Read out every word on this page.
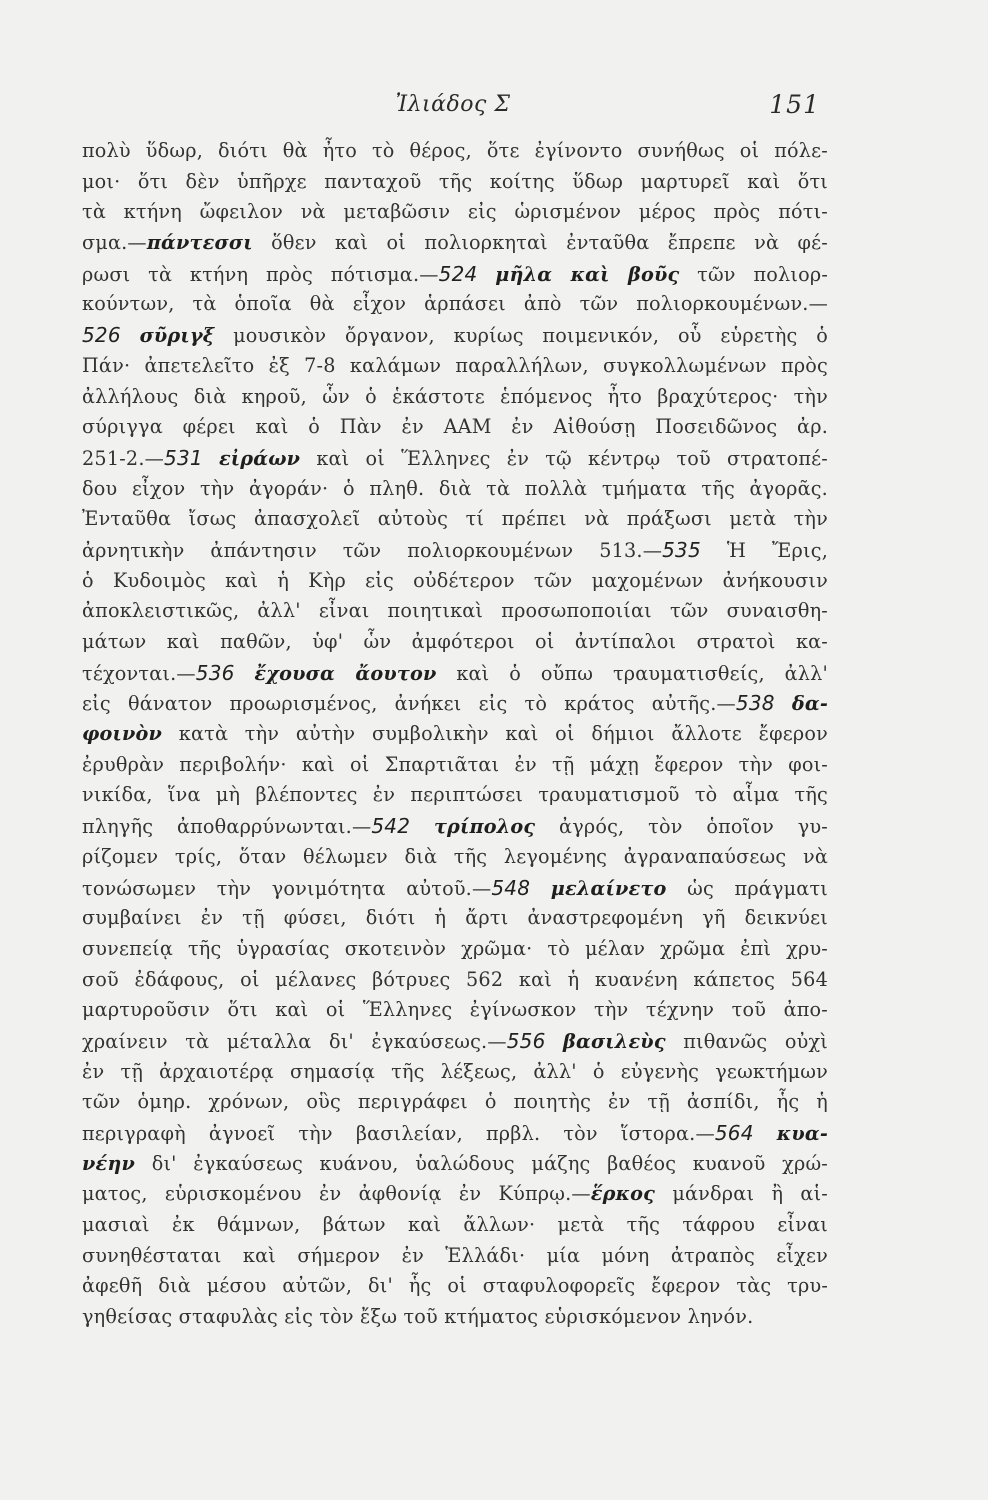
Ἰλιάδος Σ	151
πολὺ ὕδωρ, διότι θὰ ἦτο τὸ θέρος, ὅτε ἐγίνοντο συνήθως οἱ πόλε-
μοι· ὅτι δὲν ὑπῆρχε πανταχοῦ τῆς κοίτης ὕδωρ μαρτυρεῖ καὶ ὅτι
τὰ κτήνη ὤφειλον νὰ μεταβῶσιν εἰς ὡρισμένον μέρος πρὸς πότι-
σμα.—πάντεσσι ὅθεν καὶ οἱ πολιορκηταὶ ἐνταῦθα ἔπρεπε νὰ φέ-
ρωσι τὰ κτήνη πρὸς πότισμα.—524 μῆλα καὶ βοῦς τῶν πολιορ-
κούντων, τὰ ὁποῖα θὰ εἶχον ἁρπάσει ἀπὸ τῶν πολιορκουμένων.—
526 σῦριγξ μουσικὸν ὄργανον, κυρίως ποιμενικόν, οὗ εὑρετὴς ὁ
Πάν· ἀπετελεῖτο ἐξ 7-8 καλάμων παραλλήλων, συγκολλωμένων πρὸς
ἀλλήλους διὰ κηροῦ, ὧν ὁ ἑκάστοτε ἑπόμενος ἦτο βραχύτερος· τὴν
σύριγγα φέρει καὶ ὁ Πὰν ἐν ΑΑΜ ἐν Αἰθούσῃ Ποσειδῶνος ἀρ.
251-2.—531 εἰράων καὶ οἱ Ἕλληνες ἐν τῷ κέντρῳ τοῦ στρατοπέ-
δου εἶχον τὴν ἀγοράν· ὁ πληθ. διὰ τὰ πολλὰ τμήματα τῆς ἀγορᾶς.
Ἐνταῦθα ἴσως ἀπασχολεῖ αὐτοὺς τί πρέπει νὰ πράξωσι μετὰ τὴν
ἀρνητικὴν ἀπάντησιν τῶν πολιορκουμένων 513.—535 Ἡ Ἔρις,
ὁ Κυδοιμὸς καὶ ἡ Κὴρ εἰς οὐδέτερον τῶν μαχομένων ἀνήκουσιν
ἀποκλειστικῶς, ἀλλ' εἶναι ποιητικαὶ προσωποποιίαι τῶν συναισθη-
μάτων καὶ παθῶν, ὑφ' ὧν ἀμφότεροι οἱ ἀντίπαλοι στρατοὶ κα-
τέχονται.—536 ἔχουσα ἄουτον καὶ ὁ οὔπω τραυματισθείς, ἀλλ'
εἰς θάνατον προωρισμένος, ἀνήκει εἰς τὸ κράτος αὐτῆς.—538 δα-
φοινὸν κατὰ τὴν αὐτὴν συμβολικὴν καὶ οἱ δήμιοι ἄλλοτε ἔφερον
ἐρυθρὰν περιβολήν· καὶ οἱ Σπαρτιᾶται ἐν τῇ μάχῃ ἔφερον τὴν φοι-
νικίδα, ἵνα μὴ βλέποντες ἐν περιπτώσει τραυματισμοῦ τὸ αἷμα τῆς
πληγῆς ἀποθαρρύνωνται.—542 τρίπολος ἀγρός, τὸν ὁποῖον γυ-
ρίζομεν τρίς, ὅταν θέλωμεν διὰ τῆς λεγομένης ἀγραναπαύσεως νὰ
τονώσωμεν τὴν γονιμότητα αὐτοῦ.—548 μελαίνετο ὡς πράγματι
συμβαίνει ἐν τῇ φύσει, διότι ἡ ἄρτι ἀναστρεφομένη γῆ δεικνύει
συνεπείᾳ τῆς ὑγρασίας σκοτεινὸν χρῶμα· τὸ μέλαν χρῶμα ἐπὶ χρυ-
σοῦ ἐδάφους, οἱ μέλανες βότρυες 562 καὶ ἡ κυανένη κάπετος 564
μαρτυροῦσιν ὅτι καὶ οἱ Ἕλληνες ἐγίνωσκον τὴν τέχνην τοῦ ἀπο-
χραίνειν τὰ μέταλλα δι' ἐγκαύσεως.—556 βασιλεὺς πιθανῶς οὐχὶ
ἐν τῇ ἀρχαιοτέρᾳ σημασίᾳ τῆς λέξεως, ἀλλ' ὁ εὐγενὴς γεωκτήμων
τῶν ὁμηρ. χρόνων, οὓς περιγράφει ὁ ποιητὴς ἐν τῇ ἀσπίδι, ἧς ἡ
περιγραφὴ ἀγνοεῖ τὴν βασιλείαν, πρβλ. τὸν ἵστορα.—564 κυα-
νέην δι' ἐγκαύσεως κυάνου, ὑαλώδους μάζης βαθέος κυανοῦ χρώ-
ματος, εὑρισκομένου ἐν ἀφθονίᾳ ἐν Κύπρῳ.—ἕρκος μάνδραι ἢ αἱ-
μασιαὶ ἐκ θάμνων, βάτων καὶ ἄλλων· μετὰ τῆς τάφρου εἶναι
συνηθέσταται καὶ σήμερον ἐν Ἑλλάδι· μία μόνη ἀτραπὸς εἶχεν
ἀφεθῆ διὰ μέσου αὐτῶν, δι' ἧς οἱ σταφυλοφορεῖς ἔφερον τὰς τρυ-
γηθείσας σταφυλὰς εἰς τὸν ἔξω τοῦ κτήματος εὑρισκόμενον ληνόν.
